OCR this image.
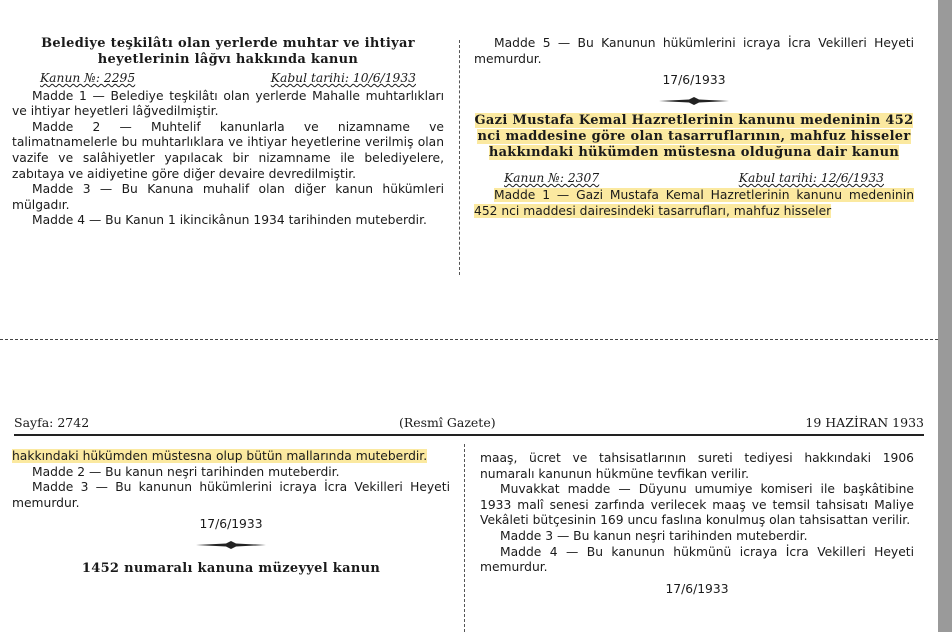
Belediye teşkilâtı olan yerlerde muhtar ve ihtiyar heyetlerinin lâğvı hakkında kanun
Kanun №: 2295	Kabul tarihi: 10/6/1933

Madde 1 — Belediye teşkilâtı olan yerlerde Mahalle muhtarlıkları ve ihtiyar heyetleri lâğvedilmiştir.

Madde 2 — Muhtelif kanunlarla ve nizamname ve talimatnamelerle bu muhtarlıklara ve ihtiyar heyetlerine verilmiş olan vazife ve salâhiyetler yapılacak bir nizamname ile belediyelere, zabıtaya ve aidiyetine göre diğer devaire devredilmiştir.

Madde 3 — Bu Kanuna muhalif olan diğer kanun hükümleri mülgadır.

Madde 4 — Bu Kanun 1 ikincikânun 1934 tarihinden muteberdir.

Madde 5 — Bu Kanunun hükümlerini icraya İcra Vekilleri Heyeti memurdur.

17/6/1933
Gazi Mustafa Kemal Hazretlerinin kanunu medeninin 452 nci maddesine göre olan tasarruflarının, mahfuz hisseler hakkındaki hükümden müstesna olduğuna dair kanun
Kanun №: 2307	Kabul tarihi: 12/6/1933

Madde 1 — Gazi Mustafa Kemal Hazretlerinin kanunu medeninin 452 nci maddesi dairesindeki tasarrufları, mahfuz hisseler

Sayfa: 2742	(Resmî Gazete)	19 HAZİRAN 1933

hakkındaki hükümden müstesna olup bütün mallarında muteberdir.

Madde 2 — Bu kanun neşri tarihinden muteberdir.

Madde 3 — Bu kanunun hükümlerini icraya İcra Vekilleri Heyeti memurdur.

17/6/1933
1452 numaralı kanuna müzeyyel kanun

maaş, ücret ve tahsisatlarının sureti tediyesi hakkındaki 1906 numaralı kanunun hükmüne tevfikan verilir.

Muvakkat madde — Düyunu umumiye komiseri ile başkâtibine 1933 malî senesi zarfında verilecek maaş ve temsil tahsisatı Maliye Vekâleti bütçesinin 169 uncu faslına konulmuş olan tahsisattan verilir.

Madde 3 — Bu kanun neşri tarihinden muteberdir.

Madde 4 — Bu kanunun hükmünü icraya İcra Vekilleri Heyeti memurdur.

17/6/1933
